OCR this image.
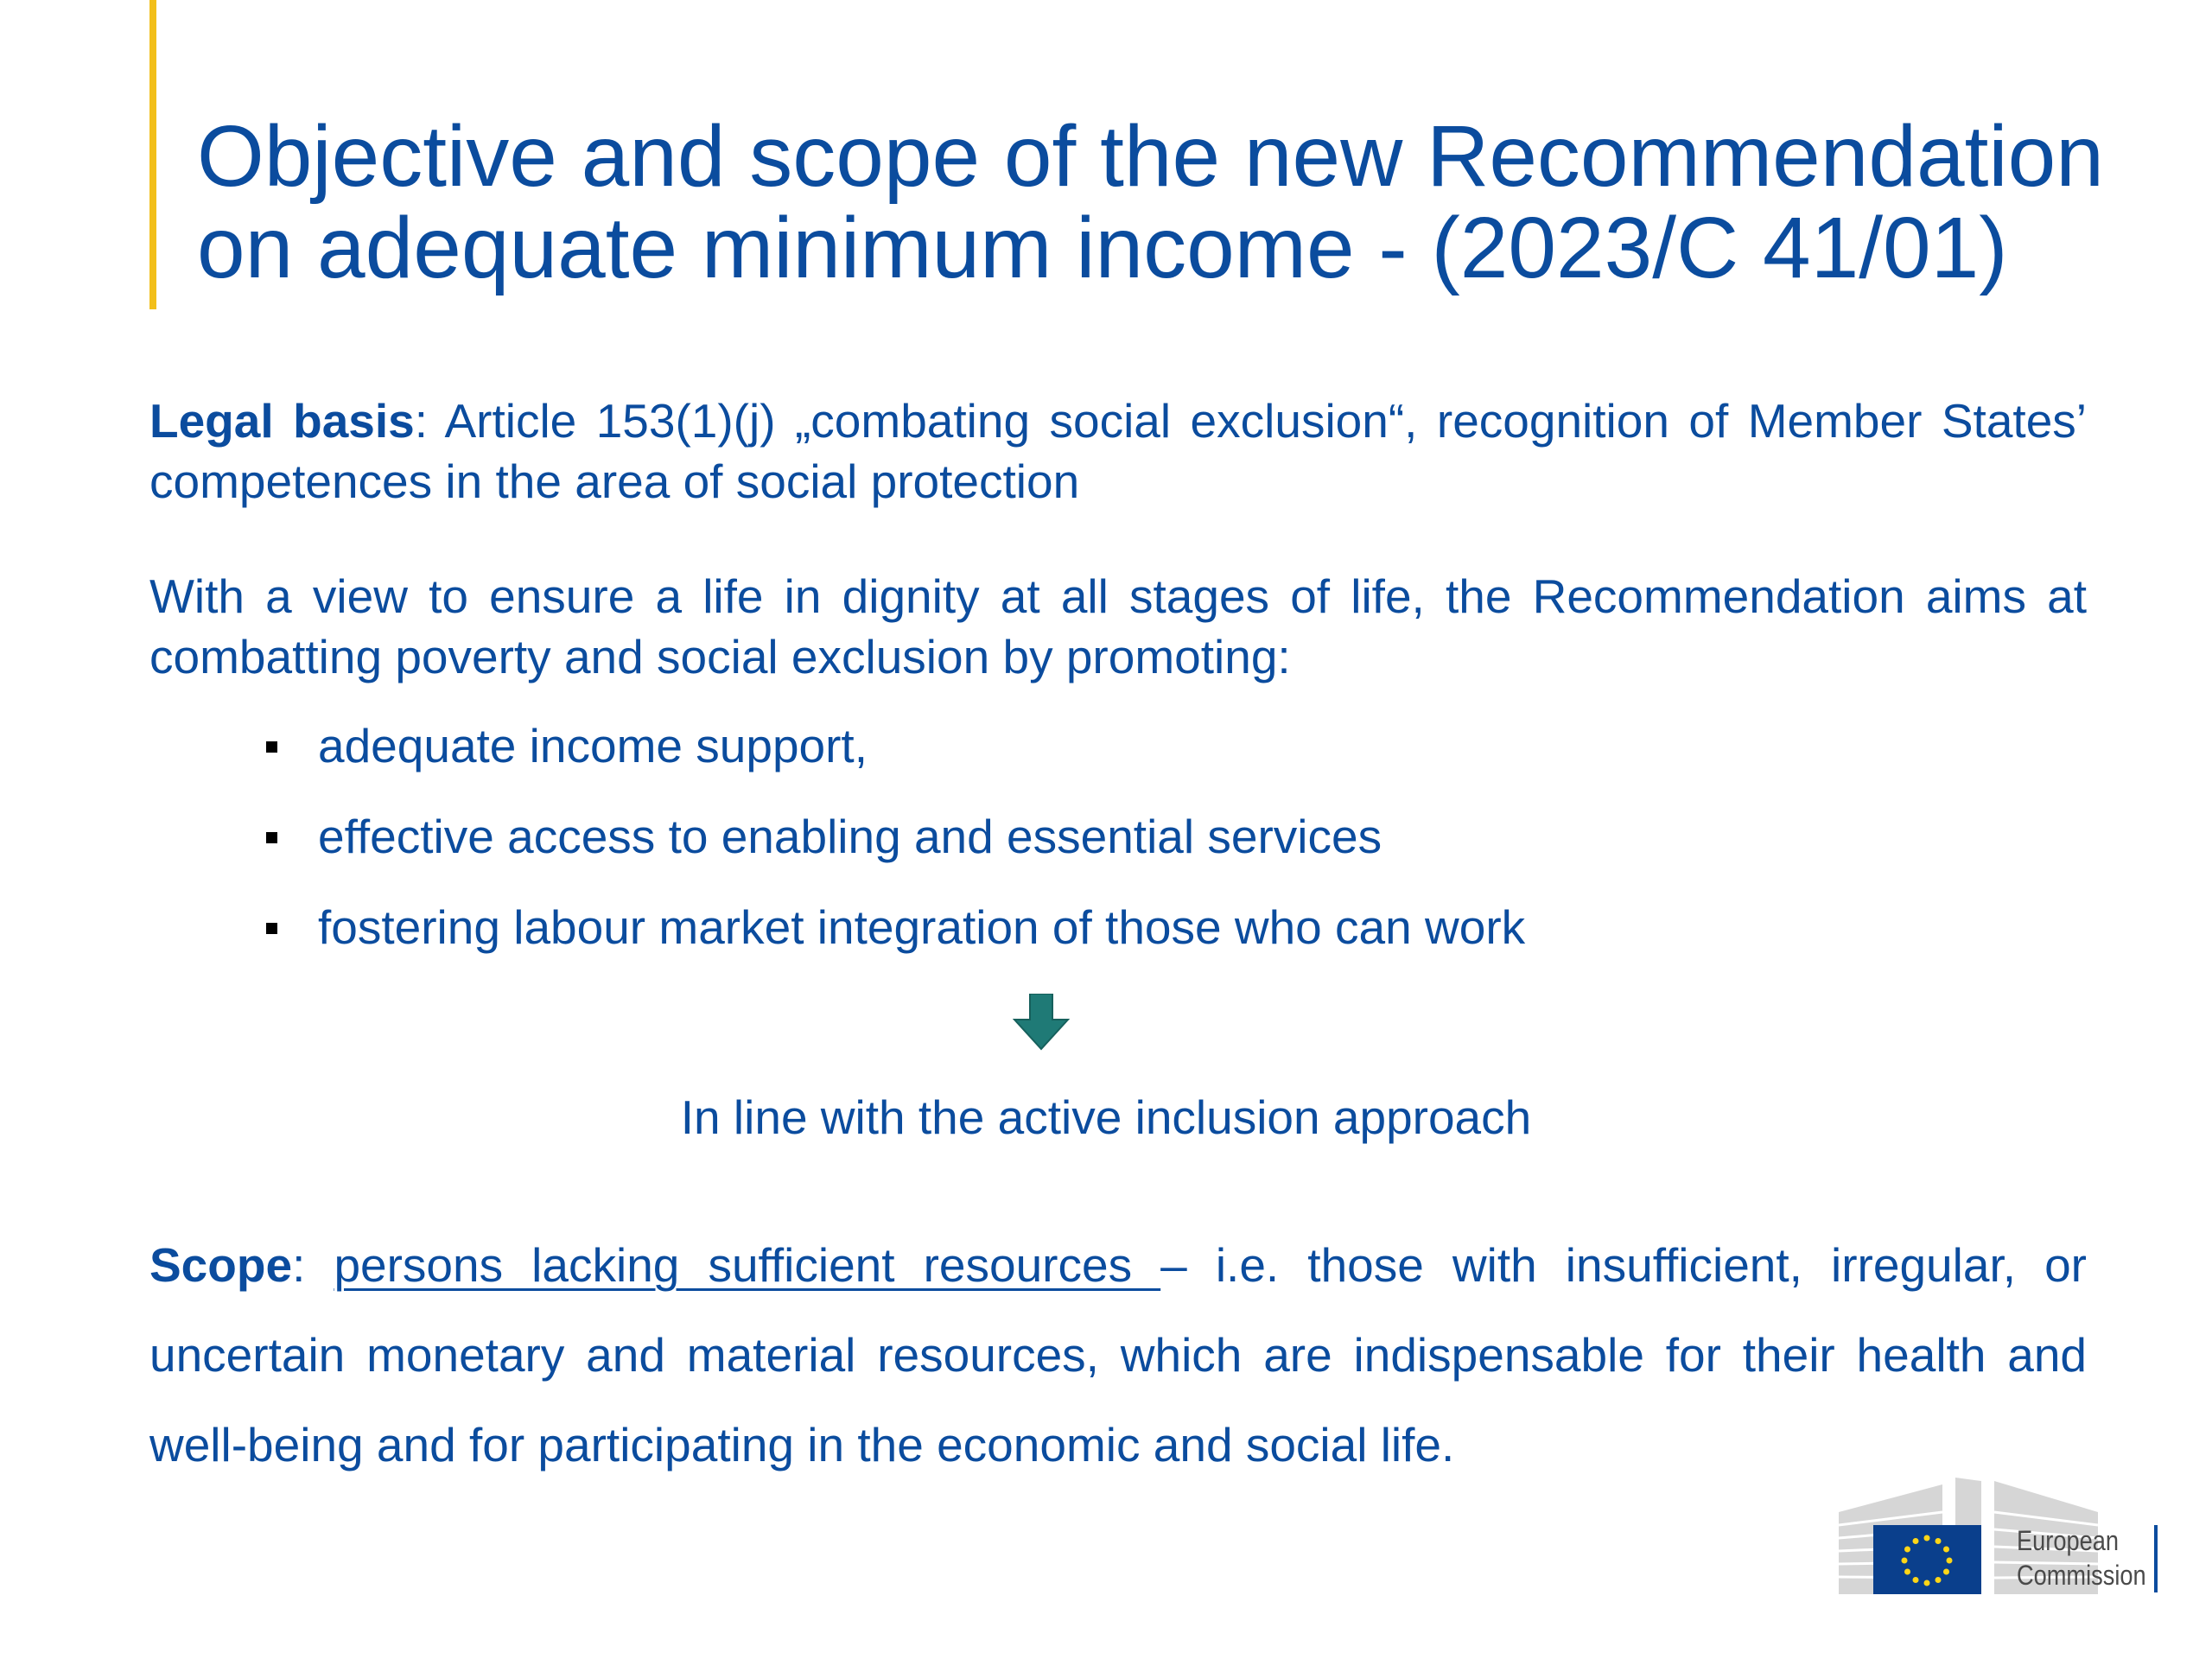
Objective and scope of the new Recommendation
on adequate minimum income - (2023/C 41/01)

Legal basis: Article 153(1)(j) „combating social exclusion“, recognition of Member States’ competences in the area of social protection

With a view to ensure a life in dignity at all stages of life, the Recommendation aims at combatting poverty and social exclusion by promoting:

adequate income support,
effective access to enabling and essential services
fostering labour market integration of those who can work

In line with the active inclusion approach

Scope: persons lacking sufficient resources – i.e. those with insufficient, irregular, or uncertain monetary and material resources, which are indispensable for their health and well-being and for participating in the economic and social life.

European
Commission
